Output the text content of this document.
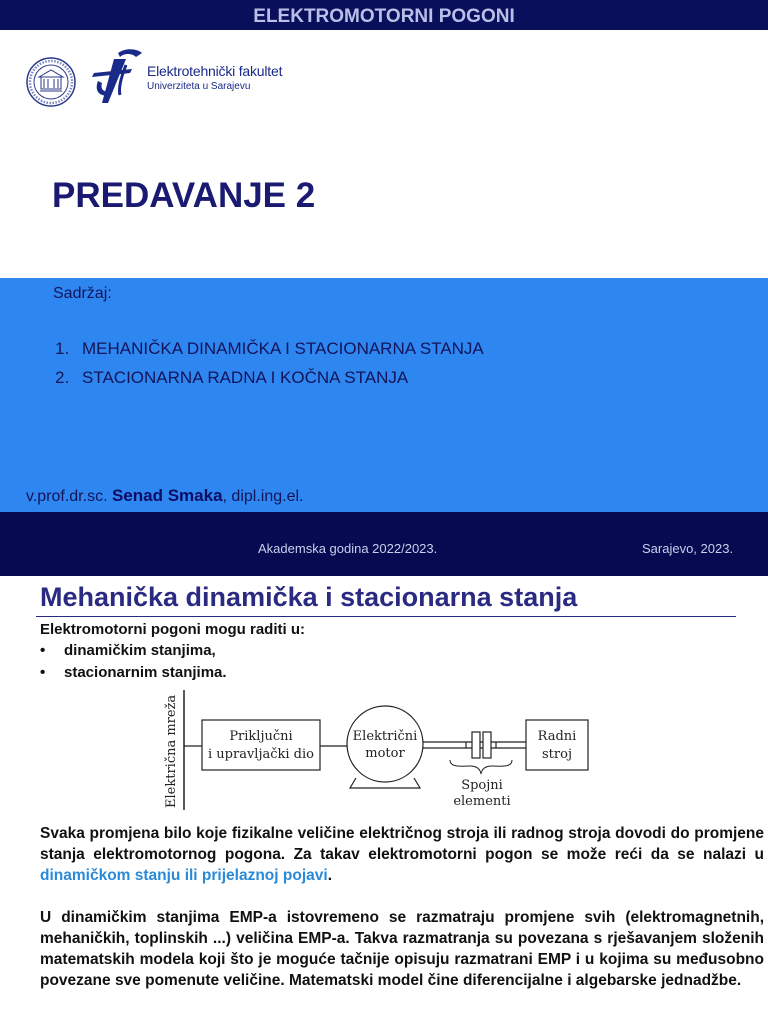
ELEKTROMOTORNI POGONI
Elektrotehnički fakultet
Univerziteta u Sarajevu
PREDAVANJE 2
Sadržaj:
1. MEHANIČKA DINAMIČKA I STACIONARNA STANJA
2. STACIONARNA RADNA I KOČNA STANJA
v.prof.dr.sc. Senad Smaka, dipl.ing.el.
Akademska godina 2022/2023.	Sarajevo, 2023.
Mehanička dinamička i stacionarna stanja
Elektromotorni pogoni mogu raditi u:
• dinamičkim stanjima,
• stacionarnim stanjima.
Električna mreža	Priključni
i upravljački dio
Električni
motor
Spojni
elementi
Radni
stroj

Svaka promjena bilo koje fizikalne veličine električnog stroja ili radnog stroja dovodi do promjene stanja elektromotornog pogona. Za takav elektromotorni pogon se može reći da se nalazi u dinamičkom stanju ili prijelaznoj pojavi.

U dinamičkim stanjima EMP-a istovremeno se razmatraju promjene svih (elektromagnetnih, mehaničkih, toplinskih ...) veličina EMP-a. Takva razmatranja su povezana s rješavanjem složenih matematskih modela koji što je moguće tačnije opisuju razmatrani EMP i u kojima su međusobno povezane sve pomenute veličine. Matematski model čine diferencijalne i algebarske jednadžbe.
